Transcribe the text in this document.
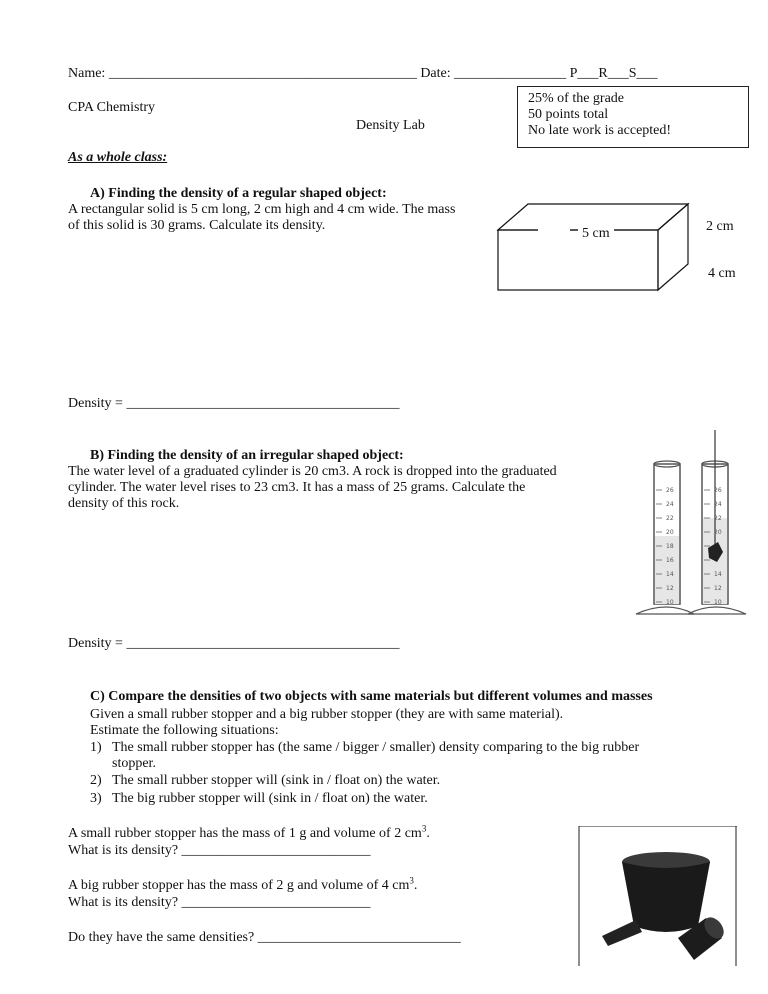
Name: ____________________________________________ Date: ________________ P___R___S___
CPA Chemistry
Density Lab
25% of the grade
50 points total
No late work is accepted!
As a whole class:
A) Finding the density of a regular shaped object:
A rectangular solid is 5 cm long, 2 cm high and 4 cm wide. The mass
of this solid is 30 grams. Calculate its density.
5 cm	2 cm
4 cm
Density = _______________________________________
B) Finding the density of an irregular shaped object:
The water level of a graduated cylinder is 20 cm3. A rock is dropped into the graduated
cylinder. The water level rises to 23 cm3. It has a mass of 25 grams. Calculate the
density of this rock.
26
24
22
20
18
16
14
12
10
26
24
22
20
14
12
10
Density = _______________________________________
C) Compare the densities of two objects with same materials but different volumes and masses
Given a small rubber stopper and a big rubber stopper (they are with same material).
Estimate the following situations:
1) The small rubber stopper has (the same / bigger / smaller) density comparing to the big rubber
stopper.
2) The small rubber stopper will (sink in / float on) the water.
3) The big rubber stopper will (sink in / float on) the water.
A small rubber stopper has the mass of 1 g and volume of 2 $cm^3$.
What is its density? ___________________________
A big rubber stopper has the mass of 2 g and volume of 4 $cm^3$.
What is its density? ___________________________
Do they have the same densities? _____________________________
